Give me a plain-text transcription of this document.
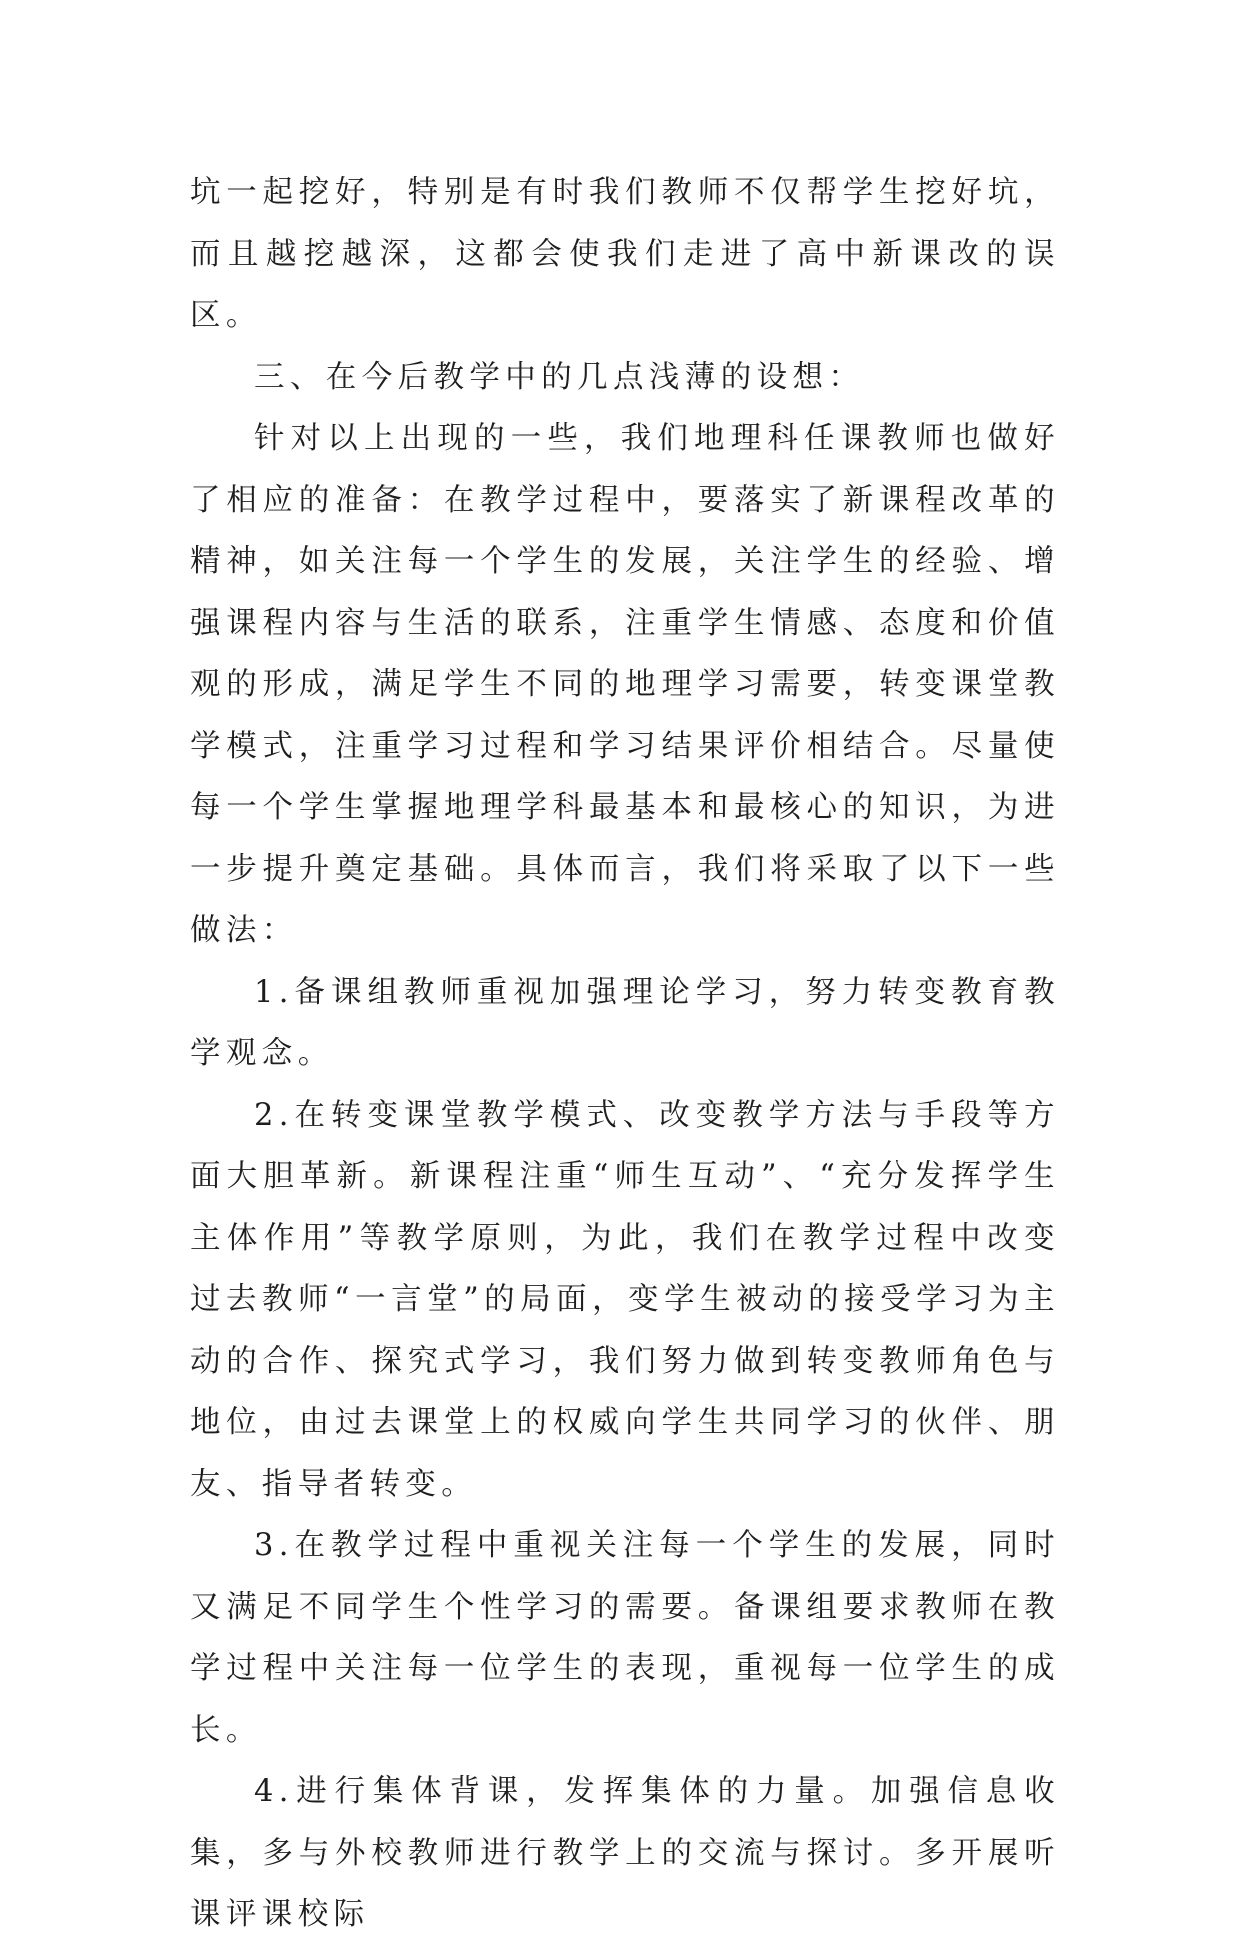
坑一起挖好，特别是有时我们教师不仅帮学生挖好坑，而且越挖越深，这都会使我们走进了高中新课改的误区。

三、在今后教学中的几点浅薄的设想：

针对以上出现的一些，我们地理科任课教师也做好了相应的准备：在教学过程中，要落实了新课程改革的精神，如关注每一个学生的发展，关注学生的经验、增强课程内容与生活的联系，注重学生情感、态度和价值观的形成，满足学生不同的地理学习需要，转变课堂教学模式，注重学习过程和学习结果评价相结合。尽量使每一个学生掌握地理学科最基本和最核心的知识，为进一步提升奠定基础。具体而言，我们将采取了以下一些做法：

1.备课组教师重视加强理论学习，努力转变教育教学观念。

2.在转变课堂教学模式、改变教学方法与手段等方面大胆革新。新课程注重“师生互动”、“充分发挥学生主体作用”等教学原则，为此，我们在教学过程中改变过去教师“一言堂”的局面，变学生被动的接受学习为主动的合作、探究式学习，我们努力做到转变教师角色与地位，由过去课堂上的权威向学生共同学习的伙伴、朋友、指导者转变。

3.在教学过程中重视关注每一个学生的发展，同时又满足不同学生个性学习的需要。备课组要求教师在教学过程中关注每一位学生的表现，重视每一位学生的成长。

4.进行集体背课，发挥集体的力量。加强信息收集，多与外校教师进行教学上的交流与探讨。多开展听课评课校际
